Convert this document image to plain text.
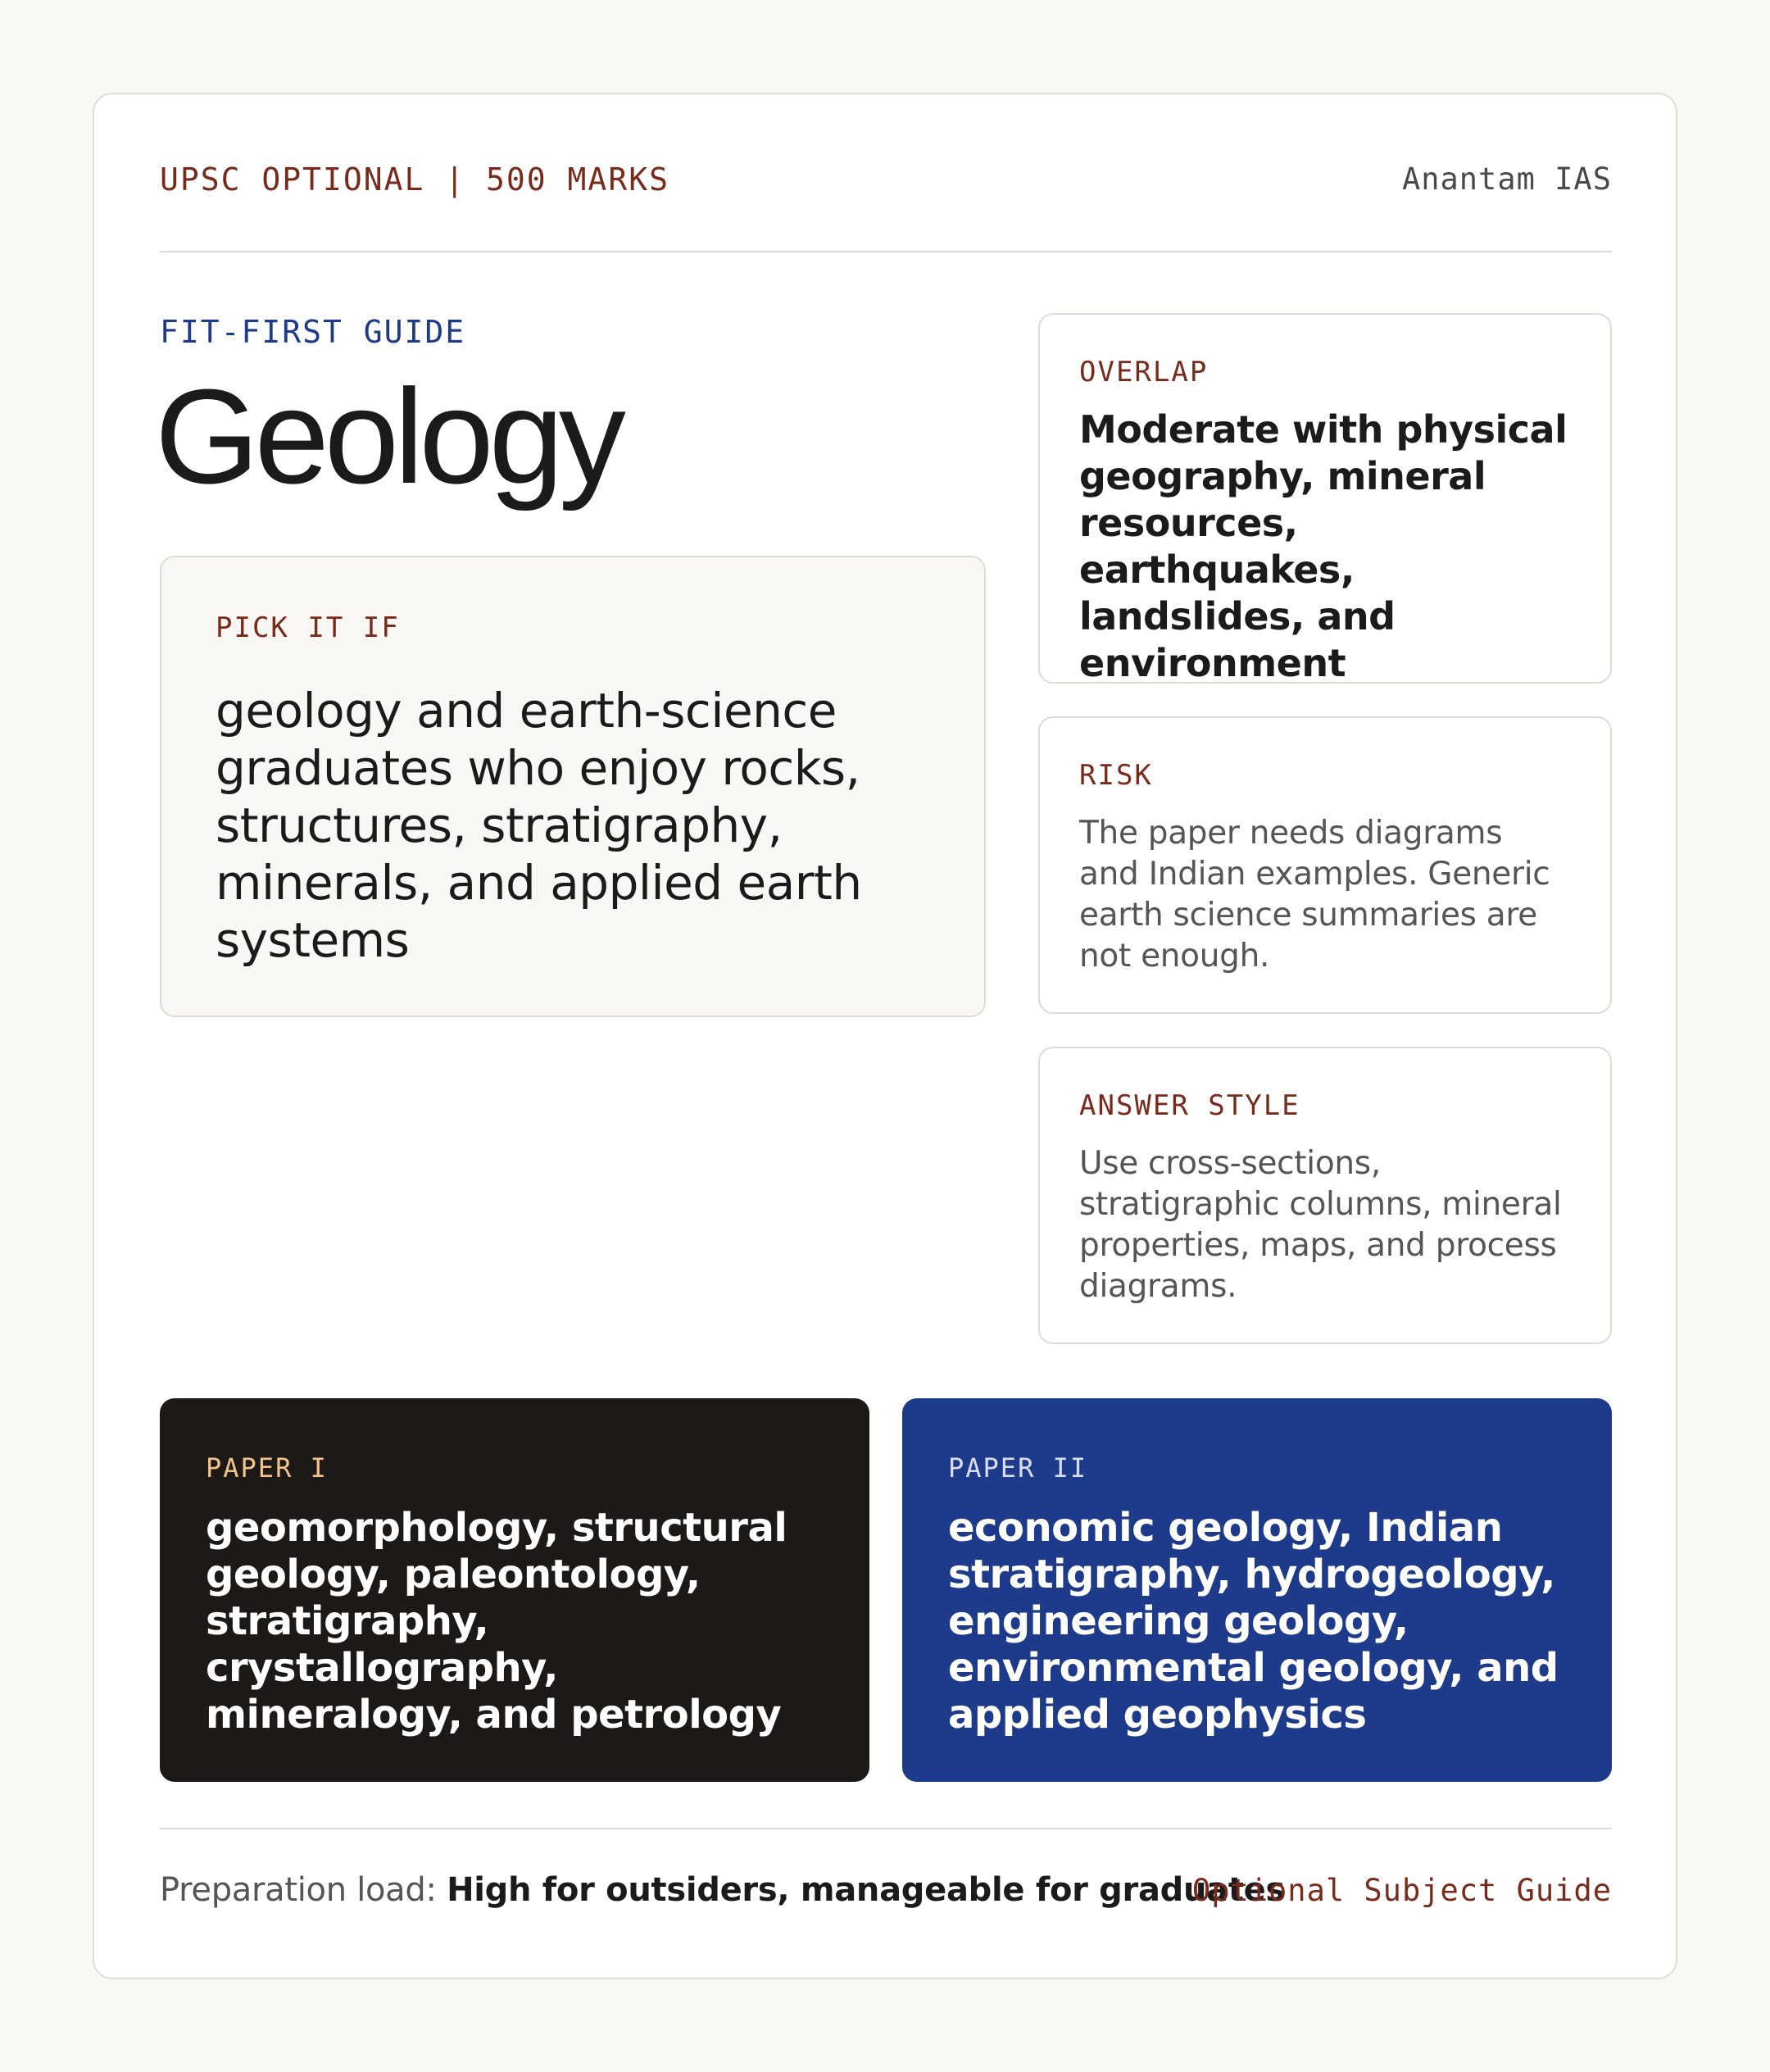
UPSC OPTIONAL | 500 MARKS	Anantam IAS
FIT-FIRST GUIDE
Geology
PICK IT IF
geology and earth-science graduates who enjoy rocks, structures, stratigraphy, minerals, and applied earth systems
OVERLAP
Moderate with physical geography, mineral resources, earthquakes, landslides, and environment
RISK
The paper needs diagrams and Indian examples. Generic earth science summaries are not enough.
ANSWER STYLE
Use cross-sections, stratigraphic columns, mineral properties, maps, and process diagrams.
PAPER I
geomorphology, structural geology, paleontology, stratigraphy, crystallography, mineralogy, and petrology
PAPER II
economic geology, Indian stratigraphy, hydrogeology, engineering geology, environmental geology, and applied geophysics
Preparation load: High for outsiders, manageable for graduates
Optional Subject Guide
